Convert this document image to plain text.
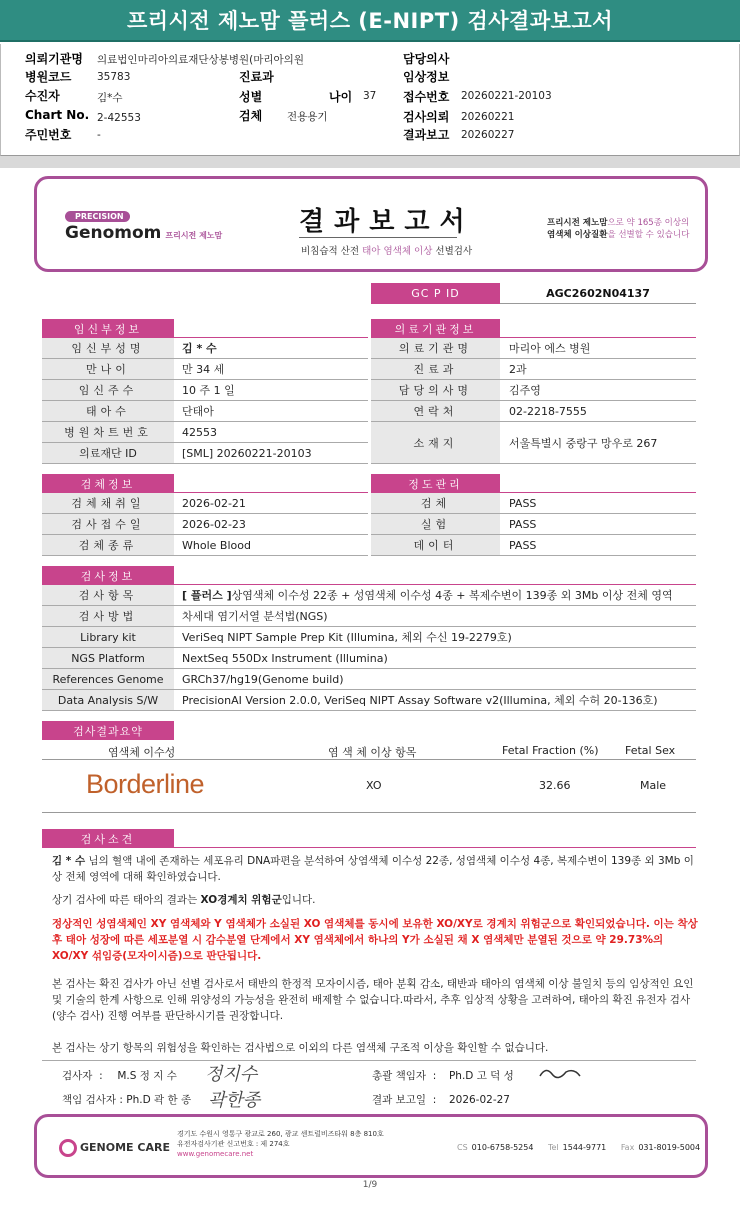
프리시전 제노맘 플러스 (E-NIPT) 검사결과보고서
의뢰기관명 의료법인마리아의료재단상봉병원(마리아의원
병원코드 35783
수진자	김*수
Chart No. 2-42553
주민번호 -
진료과
성별	나이 37
검체 전용용기
담당의사
임상정보
접수번호 20260221-20103
검사의뢰 20260221
결과보고 20260227
PRECISION
Genomom 프리시전 제노맘	결과보고서
비침습적 산전 태아 염색체 이상 선별검사
프리시전 제노맘으로 약 165종 이상의
염색체 이상질환을 선별할 수 있습니다
GC P ID	AGC2602N04137
임신부정보	의료기관정보
검체정보	정도관리
검사정보
검사결과요약
염색체 이수성	염 색 체 이상 항목	Fetal Fraction (%) Fetal Sex
Borderline	XO	32.66	Male
검사소견
김 * 수 님의 혈액 내에 존재하는 세포유리 DNA파편을 분석하여 상염색체 이수성 22종, 성염색체 이수성 4종, 복제수변이 139종 외 3Mb 이상 전체 영역에 대해 확인하였습니다.
상기 검사에 따른 태아의 결과는 XO경계치 위험군입니다.
정상적인 성염색체인 XY 염색체와 Y 염색체가 소실된 XO 염색체를 동시에 보유한 XO/XY로 경계치 위험군으로 확인되었습니다. 이는 착상 후 태아 성장에 따른 세포분열 시 감수분열 단계에서 XY 염색체에서 하나의 Y가 소실된 채 X 염색체만 분열된 것으로 약 29.73%의 XO/XY 섞임증(모자이시즘)으로 판단됩니다.
본 검사는 확진 검사가 아닌 선별 검사로서 태반의 한정적 모자이시즘, 태아 분획 감소, 태반과 태아의 염색체 이상 불일치 등의 임상적인 요인 및 기술의 한계 사항으로 인해 위양성의 가능성을 완전히 배제할 수 없습니다.따라서, 추후 임상적 상황을 고려하여, 태아의 확진 유전자 검사(양수 검사) 진행 여부를 판단하시기를 권장합니다.
본 검사는 상기 항목의 위험성을 확인하는 검사법으로 이외의 다른 염색체 구조적 이상을 확인할 수 없습니다.
검사자  :  M.S 정 지 수 정지수	총괄 책임자  :  Ph.D 고 덕 성
책임 검사자 : Ph.D 곽 한 종 곽한종	결과 보고일  :  2026-02-27
GENOME CARE
경기도 수원시 영통구 광교로 260, 광교 센트럴비즈타워 8층 810호
유전자검사기관 신고번호 : 제 274호
www.genomecare.net
CS 010-6758-5254 Tel 1544-9771 Fax 031-8019-5004
1/9
임신부성명	김 * 수
만나이	만 34 세
임신주수	10 주 1 일
태아수	단태아
병원차트번호	42553
의료재단 ID	[SML] 20260221-20103
의료기관명	마리아 에스 병원
진료과	2과
담당의사명	김주영
연락처	02-2218-7555
소재지	서울특별시 중랑구 망우로 267
검체채취일	2026-02-21
검사접수일	2026-02-23
검체종류	Whole Blood
검체	PASS
실험	PASS
데이터	PASS
검사항목	[ 플러스 ] 상염색체 이수성 22종 + 성염색체 이수성 4종 + 복제수변이 139종 외 3Mb 이상 전체 영역
검사방법	차세대 염기서열 분석법(NGS)
Library kit	VeriSeq NIPT Sample Prep Kit (Illumina, 체외 수신 19-2279호)
NGS Platform	NextSeq 550Dx Instrument (Illumina)
References Genome	GRCh37/hg19(Genome build)
Data Analysis S/W	PrecisionAI Version 2.0.0, VeriSeq NIPT Assay Software v2(Illumina, 체외 수허 20-136호)
